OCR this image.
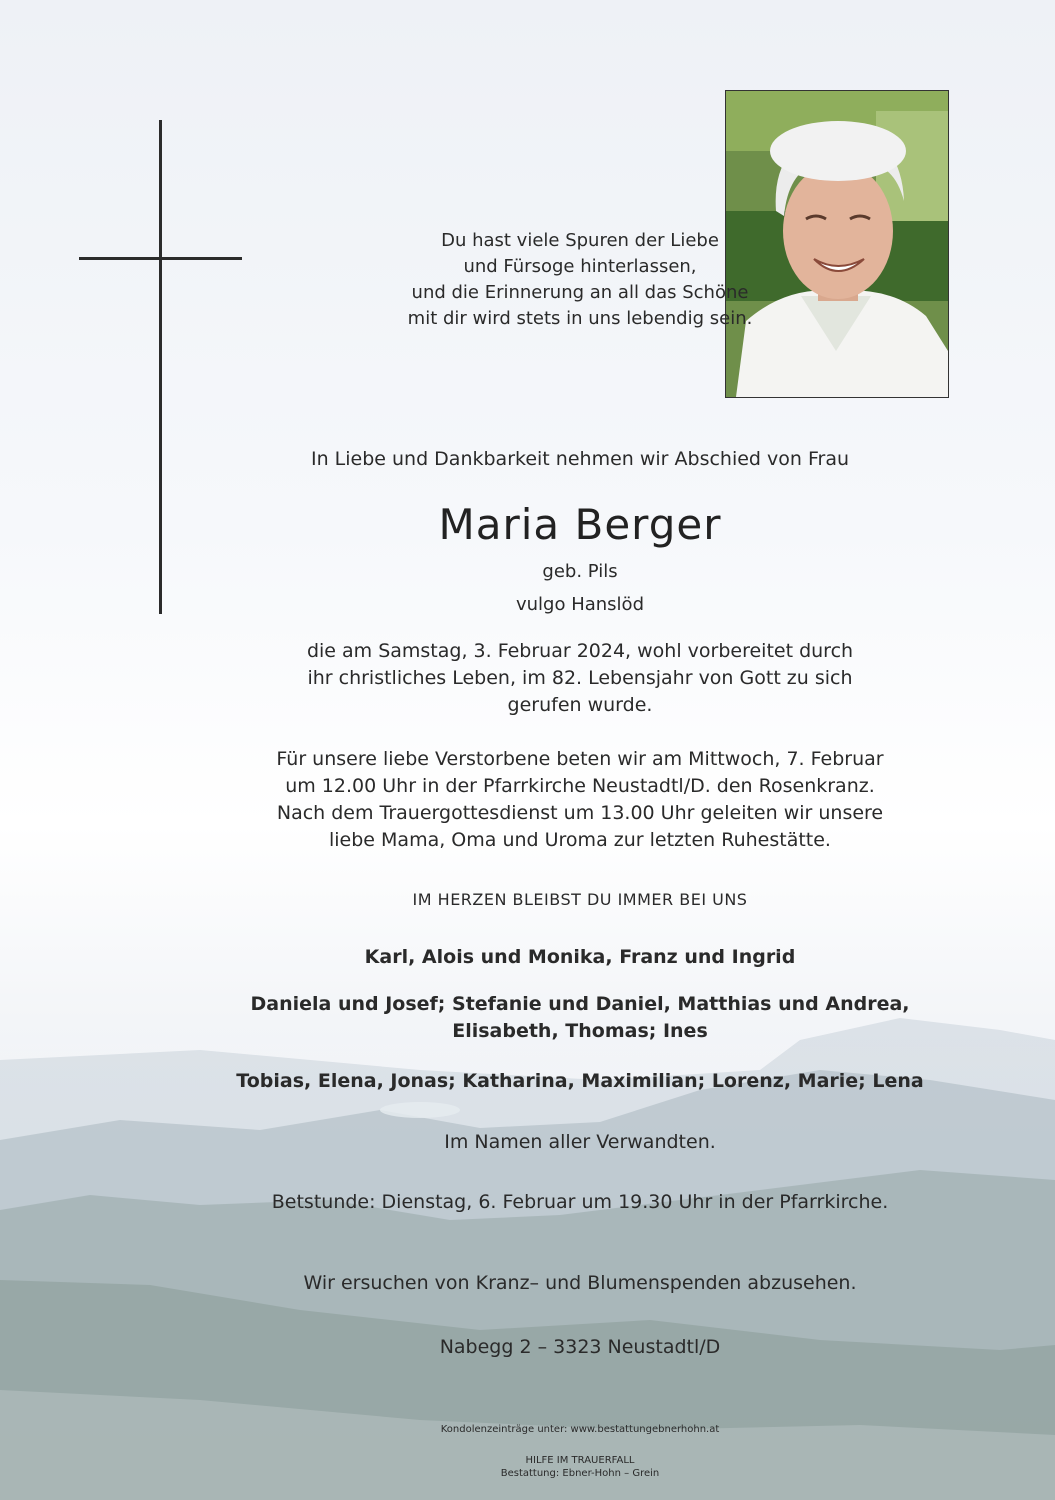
Du hast viele Spuren der Liebe
und Fürsoge hinterlassen,
und die Erinnerung an all das Schöne
mit dir wird stets in uns lebendig sein.
In Liebe und Dankbarkeit nehmen wir Abschied von Frau
Maria Berger
geb. Pils
vulgo Hanslöd
die am Samstag, 3. Februar 2024, wohl vorbereitet durch
ihr christliches Leben, im 82. Lebensjahr von Gott zu sich
gerufen wurde.
Für unsere liebe Verstorbene beten wir am Mittwoch, 7. Februar
um 12.00 Uhr in der Pfarrkirche Neustadtl/D. den Rosenkranz.
Nach dem Trauergottesdienst um 13.00 Uhr geleiten wir unsere
liebe Mama, Oma und Uroma zur letzten Ruhestätte.
IM HERZEN BLEIBST DU IMMER BEI UNS
Karl, Alois und Monika, Franz und Ingrid
Daniela und Josef; Stefanie und Daniel, Matthias und Andrea,
Elisabeth, Thomas; Ines
Tobias, Elena, Jonas; Katharina, Maximilian; Lorenz, Marie; Lena
Im Namen aller Verwandten.
Betstunde: Dienstag, 6. Februar um 19.30 Uhr in der Pfarrkirche.
Wir ersuchen von Kranz– und Blumenspenden abzusehen.
Nabegg 2 – 3323 Neustadtl/D
Kondolenzeinträge unter: www.bestattungebnerhohn.at
HILFE IM TRAUERFALL
Bestattung: Ebner-Hohn – Grein
